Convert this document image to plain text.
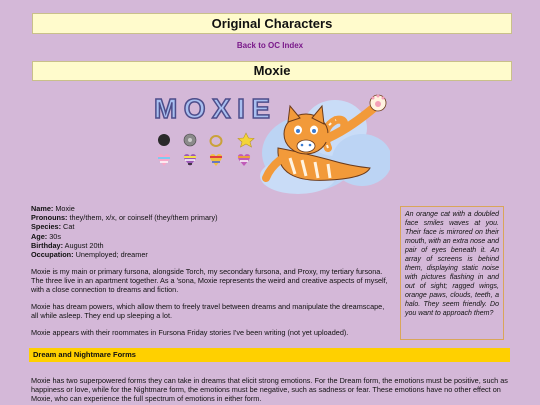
Original Characters
Back to OC Index
Moxie
MOXIE
Name: Moxie
Pronouns: they/them, x/x, or coinself (they/them primary)
Species: Cat
Age: 30s
Birthday: August 20th
Occupation: Unemployed; dreamer
Moxie is my main or primary fursona, alongside Torch, my secondary fursona, and Proxy, my tertiary fursona. The three live in an apartment together. As a 'sona, Moxie represents the weird and creative aspects of myself, with a close connection to dreams and fiction.
Moxie has dream powers, which allow them to freely travel between dreams and manipulate the dreamscape, all while asleep. They end up sleeping a lot.
Moxie appears with their roommates in Fursona Friday stories I've been writing (not yet uploaded).
An orange cat with a doubled face smiles waves at you. Their face is mirrored on their mouth, with an extra nose and pair of eyes beneath it. An array of screens is behind them, displaying static noise with pictures flashing in and out of sight; ragged wings, orange paws, clouds, teeth, a halo. They seem friendly. Do you want to approach them?
Dream and Nightmare Forms
Moxie has two superpowered forms they can take in dreams that elicit strong emotions. For the Dream form, the emotions must be positive, such as happiness or love, while for the Nightmare form, the emotions must be negative, such as sadness or fear. These emotions have no other effect on Moxie, who can experience the full spectrum of emotions in either form.
